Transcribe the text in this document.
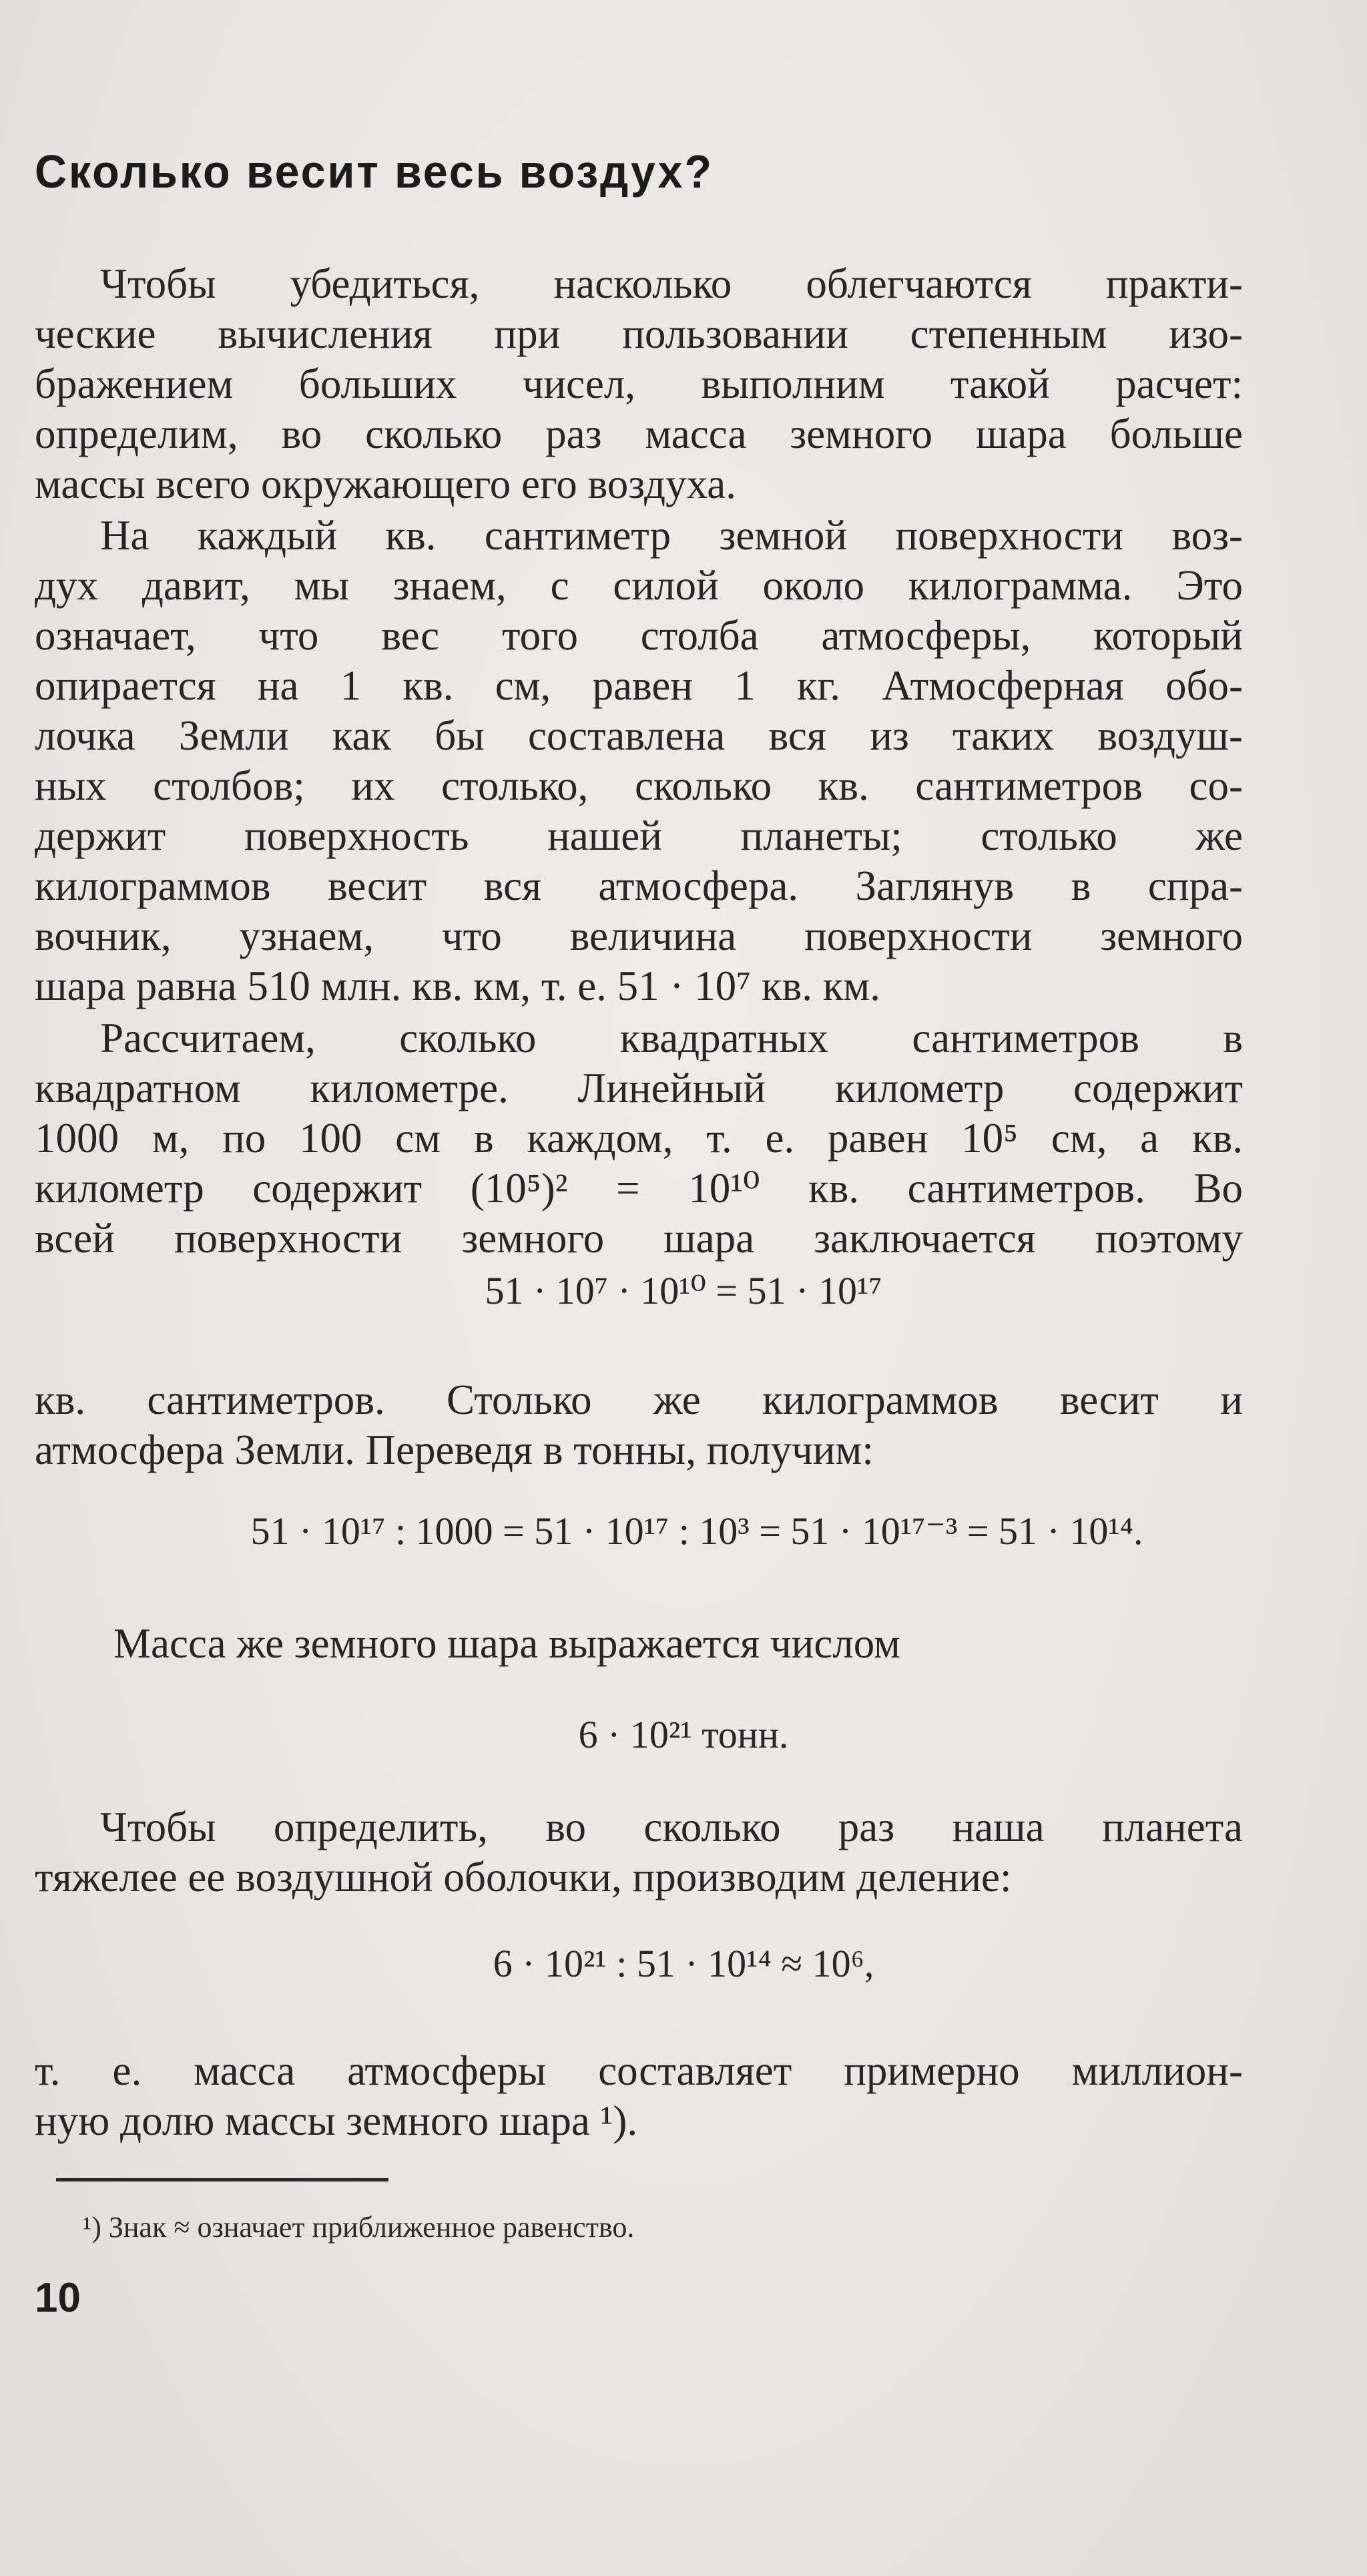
Сколько весит весь воздух?
Чтобы убедиться, насколько облегчаются практи-
ческие вычисления при пользовании степенным изо-
бражением больших чисел, выполним такой расчет:
определим, во сколько раз масса земного шара больше
массы всего окружающего его воздуха.
На каждый кв. сантиметр земной поверхности воз-
дух давит, мы знаем, с силой около килограмма. Это
означает, что вес того столба атмосферы, который
опирается на 1 кв. см, равен 1 кг. Атмосферная обо-
лочка Земли как бы составлена вся из таких воздуш-
ных столбов; их столько, сколько кв. сантиметров со-
держит поверхность нашей планеты; столько же
килограммов весит вся атмосфера. Заглянув в спра-
вочник, узнаем, что величина поверхности земного
шара равна 510 млн. кв. км, т. е. 51 · 10⁷ кв. км.
Рассчитаем, сколько квадратных сантиметров в
квадратном километре. Линейный километр содержит
1000 м, по 100 см в каждом, т. е. равен 10⁵ см, а кв.
километр содержит (10⁵)² = 10¹⁰ кв. сантиметров. Во
всей поверхности земного шара заключается поэтому
51 · 10⁷ · 10¹⁰ = 51 · 10¹⁷
кв. сантиметров. Столько же килограммов весит и
атмосфера Земли. Переведя в тонны, получим:
51 · 10¹⁷ : 1000 = 51 · 10¹⁷ : 10³ = 51 · 10¹⁷⁻³ = 51 · 10¹⁴.
Масса же земного шара выражается числом
6 · 10²¹ тонн.
Чтобы определить, во сколько раз наша планета
тяжелее ее воздушной оболочки, производим деление:
6 · 10²¹ : 51 · 10¹⁴ ≈ 10⁶,
т. е. масса атмосферы составляет примерно миллион-
ную долю массы земного шара ¹).
¹) Знак ≈ означает приближенное равенство.
10
